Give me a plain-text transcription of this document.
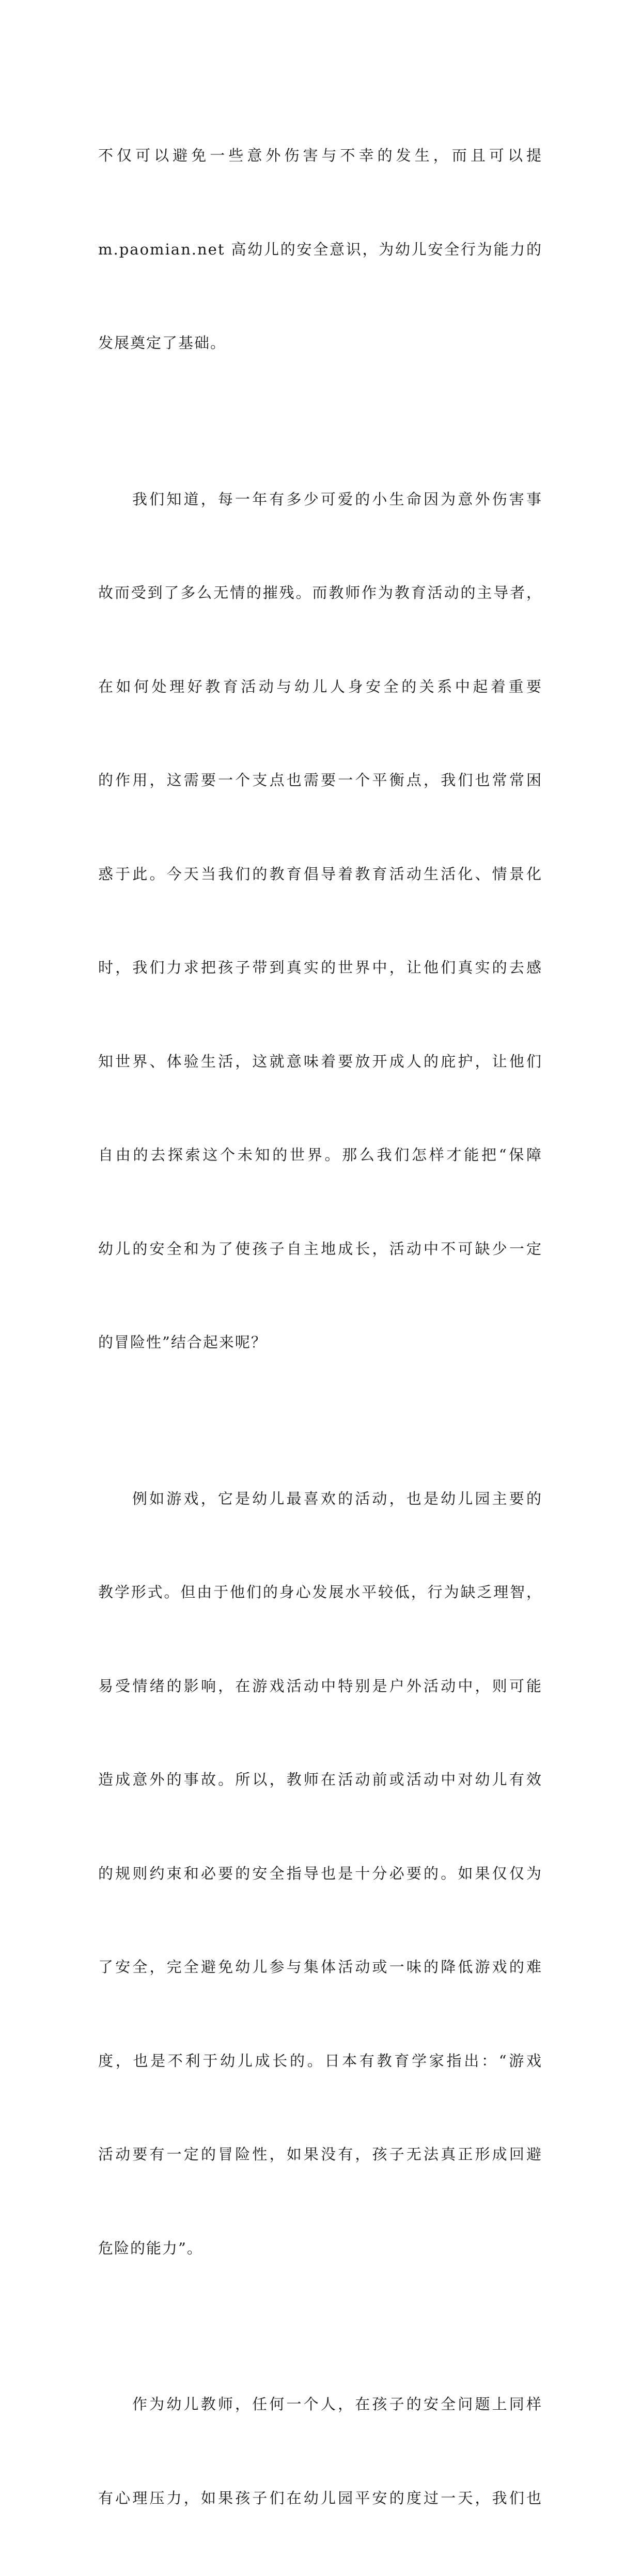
不仅可以避免一些意外伤害与不幸的发生，而且可以提

m.paomian.net 高幼儿的安全意识，为幼儿安全行为能力的

发展奠定了基础。

我们知道，每一年有多少可爱的小生命因为意外伤害事

故而受到了多么无情的摧残。而教师作为教育活动的主导者，

在如何处理好教育活动与幼儿人身安全的关系中起着重要

的作用，这需要一个支点也需要一个平衡点，我们也常常困

惑于此。今天当我们的教育倡导着教育活动生活化、情景化

时，我们力求把孩子带到真实的世界中，让他们真实的去感

知世界、体验生活，这就意味着要放开成人的庇护，让他们

自由的去探索这个未知的世界。那么我们怎样才能把“保障

幼儿的安全和为了使孩子自主地成长，活动中不可缺少一定

的冒险性”结合起来呢？

例如游戏，它是幼儿最喜欢的活动，也是幼儿园主要的

教学形式。但由于他们的身心发展水平较低，行为缺乏理智，

易受情绪的影响，在游戏活动中特别是户外活动中，则可能

造成意外的事故。所以，教师在活动前或活动中对幼儿有效

的规则约束和必要的安全指导也是十分必要的。如果仅仅为

了安全，完全避免幼儿参与集体活动或一味的降低游戏的难

度，也是不利于幼儿成长的。日本有教育学家指出：“游戏

活动要有一定的冒险性，如果没有，孩子无法真正形成回避

危险的能力”。

作为幼儿教师，任何一个人，在孩子的安全问题上同样

有心理压力，如果孩子们在幼儿园平安的度过一天，我们也
